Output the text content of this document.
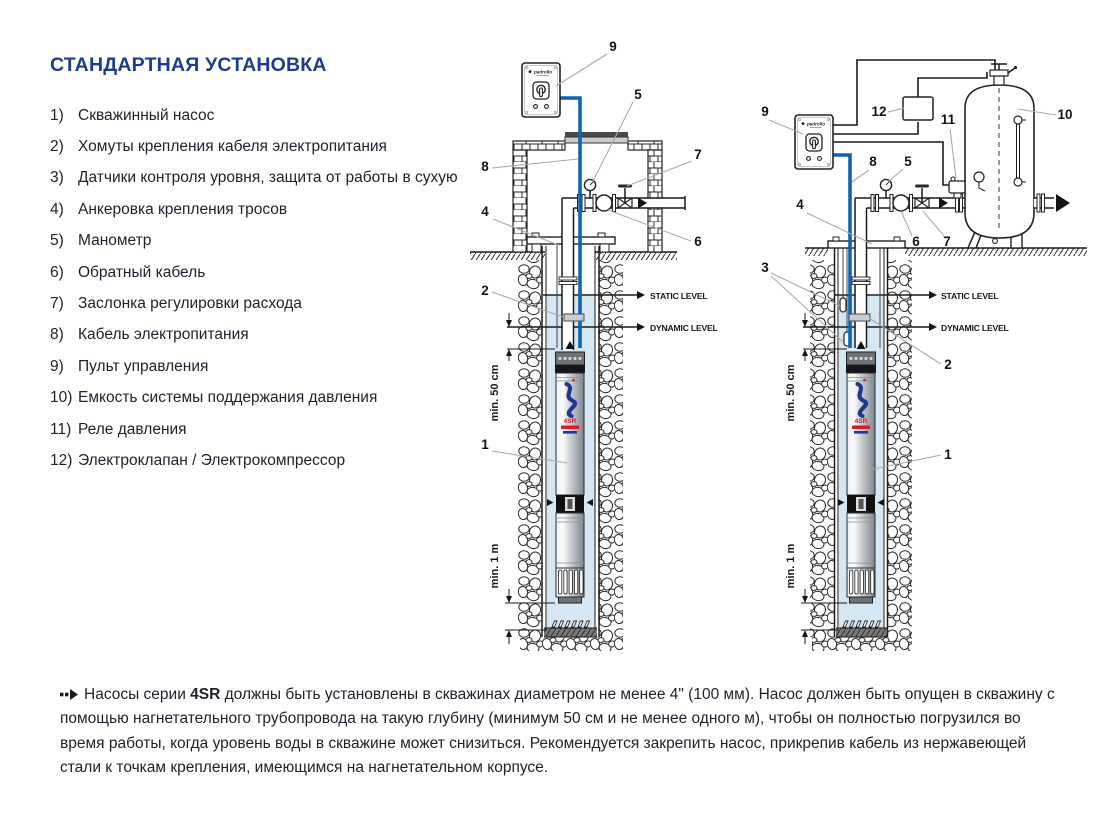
СТАНДАРТНАЯ УСТАНОВКА
1) Скважинный насос
2) Хомуты крепления кабеля электропитания
3) Датчики контроля уровня, защита от работы в сухую
4) Анкеровка крепления тросов
5) Манометр
6) Обратный кабель
7) Заслонка регулировки расхода
8) Кабель электропитания
9) Пульт управления
10) Емкость системы поддержания давления
11) Реле давления
12) Электроклапан / Электрокомпрессор
STATIC LEVEL
DYNAMIC LEVEL
min. 50 cm
min. 1 m
9
5
7
8
4
6
2
1
STATIC LEVEL
DYNAMIC LEVEL
min. 50 cm
min. 1 m
9	12
11	10
8 5
4
6 7
3
2
1
Насосы серии 4SR должны быть установлены в скважинах диаметром не менее 4" (100 мм). Насос должен быть опущен в скважину с помощью нагнетательного трубопровода на такую глубину (минимум 50 см и не менее одного м), чтобы он полностью погрузился во время работы, когда уровень воды в скважине может снизиться. Рекомендуется закрепить насос, прикрепив кабель из нержавеющей стали к точкам крепления, имеющимся на нагнетательном корпусе.
